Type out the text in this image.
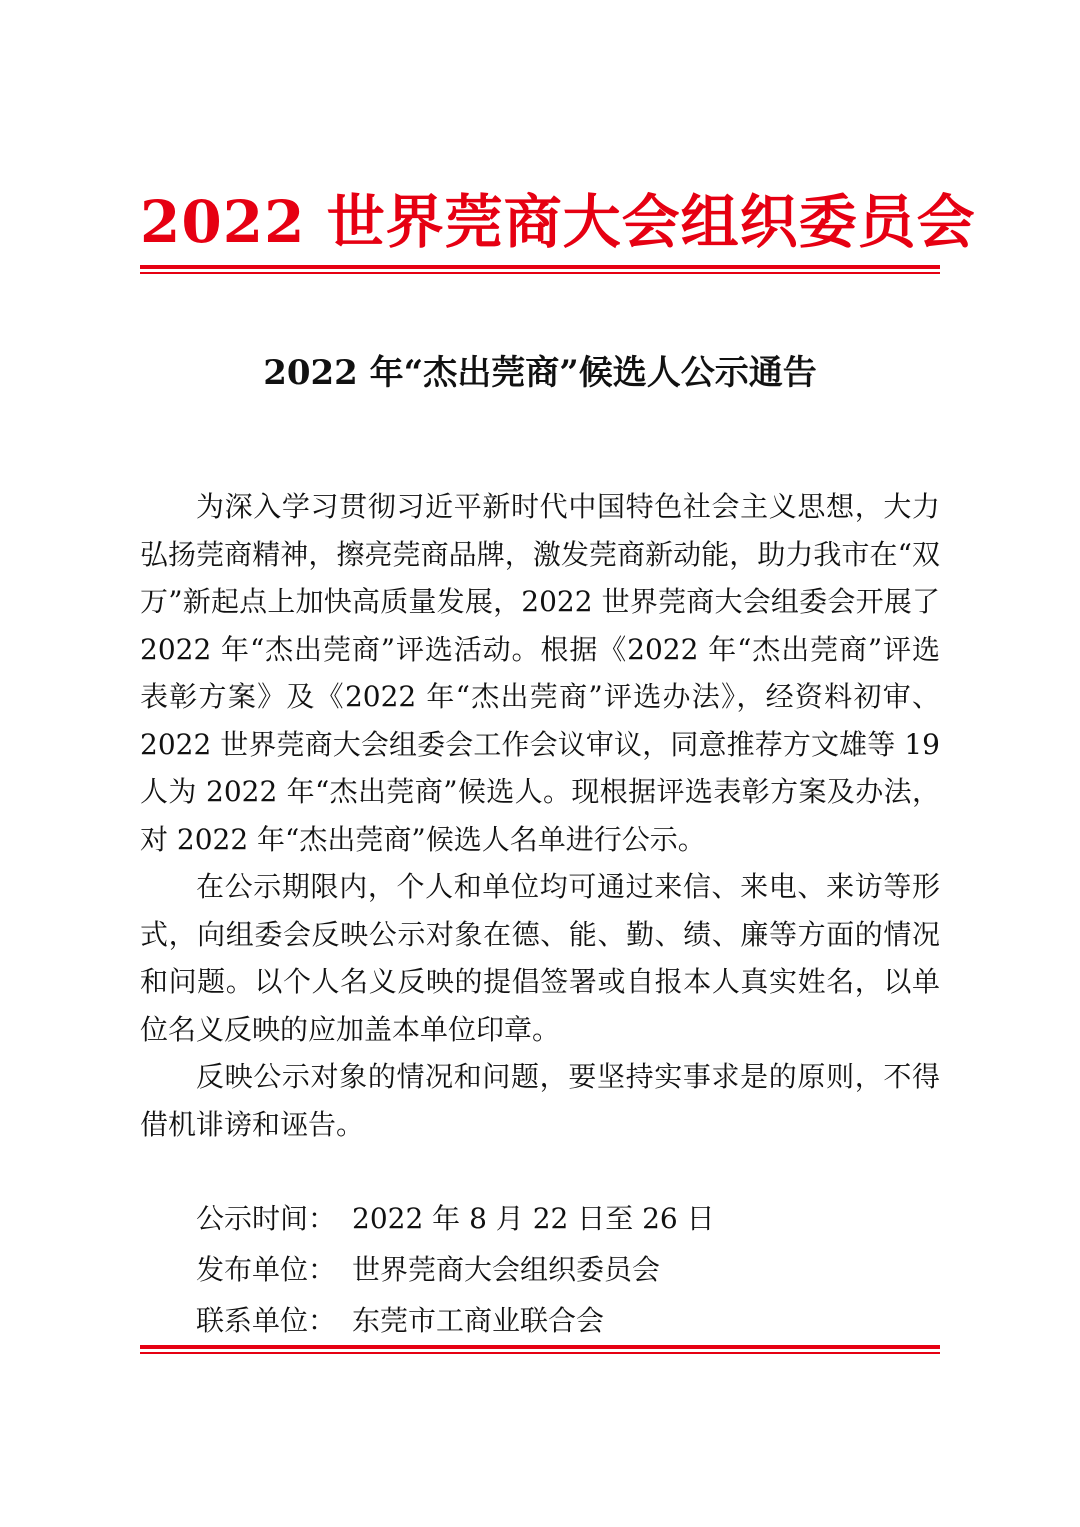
2022 世界莞商大会组织委员会
2022 年“杰出莞商”候选人公示通告

为深入学习贯彻习近平新时代中国特色社会主义思想，大力弘扬莞商精神，擦亮莞商品牌，激发莞商新动能，助力我市在“双万”新起点上加快高质量发展，2022 世界莞商大会组委会开展了 2022 年“杰出莞商”评选活动。根据《2022 年“杰出莞商”评选表彰方案》及《2022 年“杰出莞商”评选办法》，经资料初审、2022 世界莞商大会组委会工作会议审议，同意推荐方文雄等 19 人为 2022 年“杰出莞商”候选人。现根据评选表彰方案及办法，对 2022 年“杰出莞商”候选人名单进行公示。

在公示期限内，个人和单位均可通过来信、来电、来访等形式，向组委会反映公示对象在德、能、勤、绩、廉等方面的情况和问题。以个人名义反映的提倡签署或自报本人真实姓名，以单位名义反映的应加盖本单位印章。

反映公示对象的情况和问题，要坚持实事求是的原则，不得借机诽谤和诬告。

公示时间： 2022 年 8 月 22 日至 26 日
发布单位： 世界莞商大会组织委员会
联系单位： 东莞市工商业联合会
